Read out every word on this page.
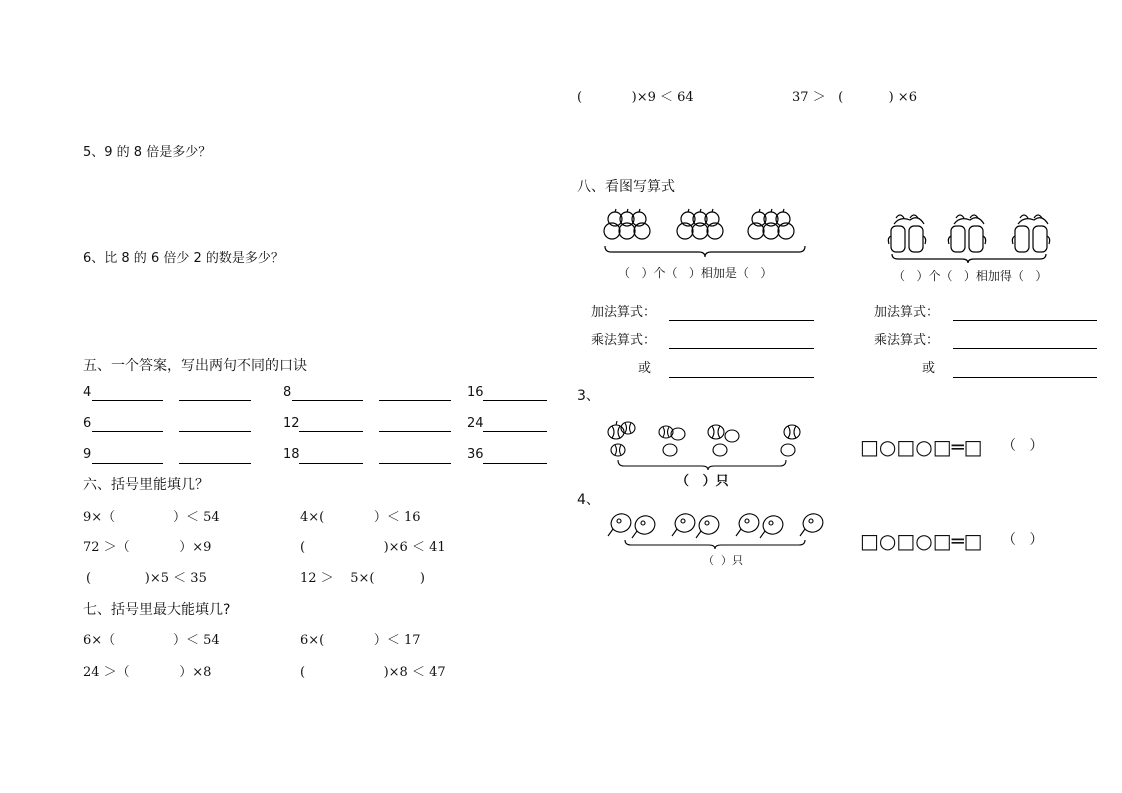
5、9 的 8 倍是多少？
6、比 8 的 6 倍少 2 的数是多少？
五、一个答案，写出两句不同的口诀
4	8	16
6	12	24
9	18	36
六、括号里能填几？
9×（              ）＜ 54	4×(            ）＜ 16
72 ＞（            ）×9	(                   )×6 ＜ 41
(             )×5 ＜ 35	12 ＞    5×(           )
七、括号里最大能填几?
6×（              ）＜ 54	6×(            ）＜ 17
24 ＞（            ）×8	(                   )×8 ＜ 47
(            )×9 ＜ 64	37 ＞   (           ) ×6
八、看图写算式
（   ）个（   ）相加是（   ）	（   ）个（   ）相加得（   ）
加法算式：
乘法算式：
或
加法算式：
乘法算式：
或
3、
（   ）只
□○□○□═□ （   ）
4、
（  ）只
□○□○□═□ （   ）
